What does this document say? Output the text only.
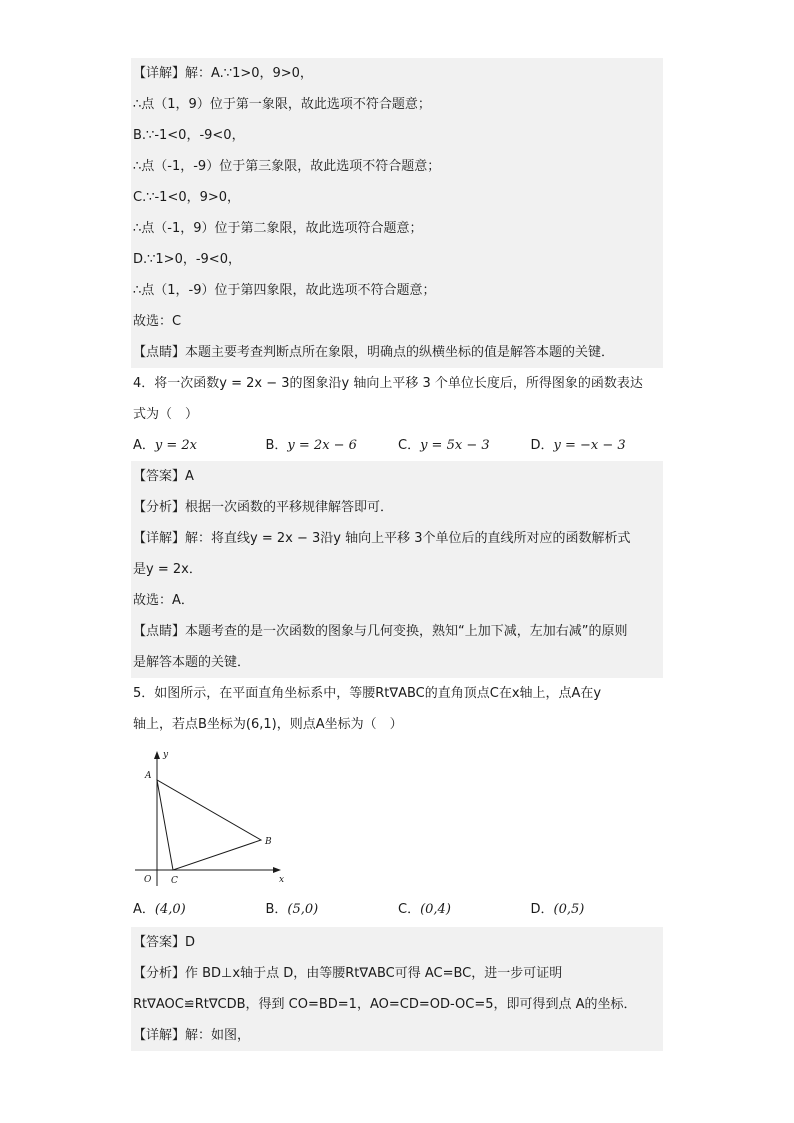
【详解】解：A.∵1>0，9>0，
∴点（1，9）位于第一象限，故此选项不符合题意；
B.∵-1<0，-9<0，
∴点（-1，-9）位于第三象限，故此选项不符合题意；
C.∵-1<0，9>0，
∴点（-1，9）位于第二象限，故此选项符合题意；
D.∵1>0，-9<0，
∴点（1，-9）位于第四象限，故此选项不符合题意；
故选：C
【点睛】本题主要考查判断点所在象限，明确点的纵横坐标的值是解答本题的关键．
4．将一次函数y = 2x − 3的图象沿y 轴向上平移 3 个单位长度后，所得图象的函数表达
式为（　）
A．y = 2x	B．y = 2x − 6	C．y = 5x − 3	D．y = −x − 3
【答案】A
【分析】根据一次函数的平移规律解答即可．
【详解】解：将直线y = 2x − 3沿y 轴向上平移 3个单位后的直线所对应的函数解析式
是y = 2x．
故选：A．
【点睛】本题考查的是一次函数的图象与几何变换，熟知“上加下减，左加右减”的原则
是解答本题的关键．
5．如图所示，在平面直角坐标系中，等腰Rt∇ABC的直角顶点C在x轴上，点A在y
轴上，若点B坐标为(6,1)，则点A坐标为（　）
y
x
A
B
C
O
A．(4,0)	B．(5,0)	C．(0,4)	D．(0,5)
【答案】D
【分析】作 BD⊥x轴于点 D，由等腰Rt∇ABC可得 AC=BC，进一步可证明
Rt∇AOC≌Rt∇CDB，得到 CO=BD=1，AO=CD=OD-OC=5，即可得到点 A的坐标．
【详解】解：如图，
